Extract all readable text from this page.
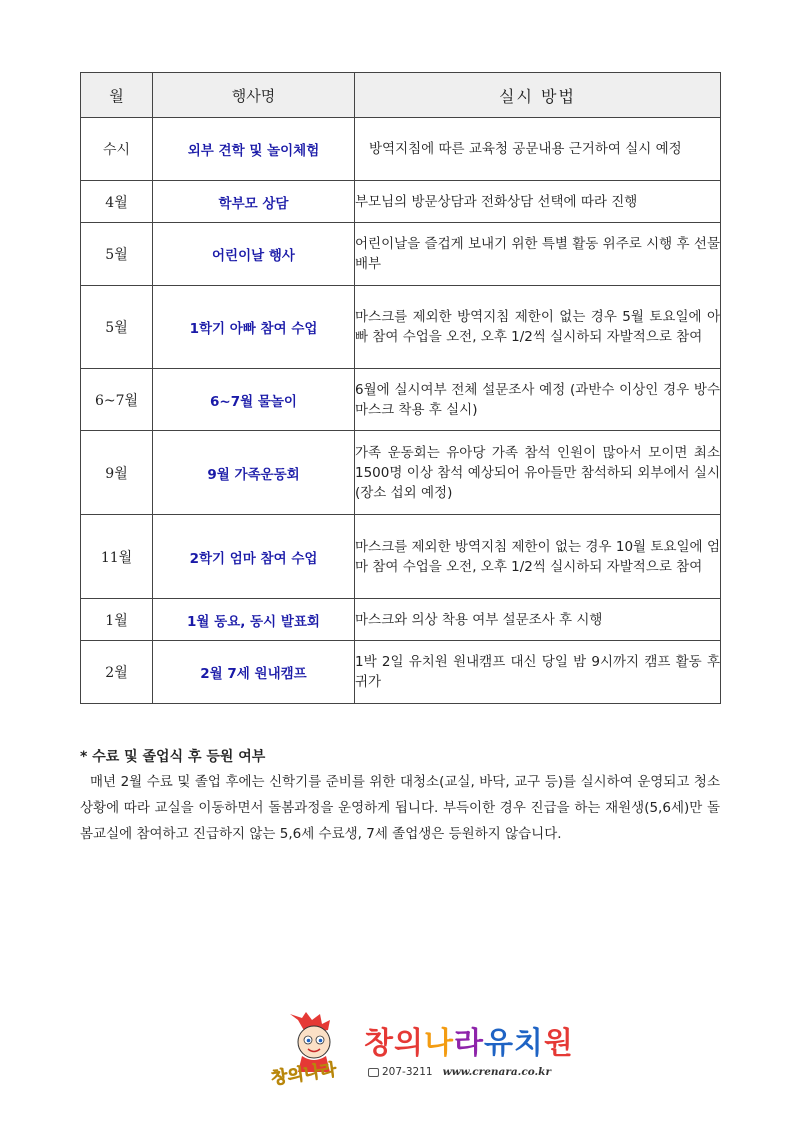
월	행사명	실시 방법
수시	외부 견학 및 놀이체험	방역지침에 따른 교육청 공문내용 근거하여 실시 예정
4월	학부모 상담	부모님의 방문상담과 전화상담 선택에 따라 진행
5월	어린이날 행사	어린이날을 즐겁게 보내기 위한 특별 활동 위주로 시행 후 선물 배부
5월	1학기 아빠 참여 수업	마스크를 제외한 방역지침 제한이 없는 경우 5월 토요일에 아빠 참여 수업을 오전, 오후 1/2씩 실시하되 자발적으로 참여
6~7월	6~7월 물놀이	6월에 실시여부 전체 설문조사 예정 (과반수 이상인 경우 방수 마스크 착용 후 실시)
9월	9월 가족운동회	가족 운동회는 유아당 가족 참석 인원이 많아서 모이면 최소 1500명 이상 참석 예상되어 유아들만 참석하되 외부에서 실시(장소 섭외 예정)
11월	2학기 엄마 참여 수업	마스크를 제외한 방역지침 제한이 없는 경우 10월 토요일에 엄마 참여 수업을 오전, 오후 1/2씩 실시하되 자발적으로 참여
1월	1월 동요, 동시 발표회	마스크와 의상 착용 여부 설문조사 후 시행
2월	2월 7세 원내캠프	1박 2일 유치원 원내캠프 대신 당일 밤 9시까지 캠프 활동 후 귀가
* 수료 및 졸업식 후 등원 여부
매년 2월 수료 및 졸업 후에는 신학기를 준비를 위한 대청소(교실, 바닥, 교구 등)를 실시하여 운영되고 청소 상황에 따라 교실을 이동하면서 돌봄과정을 운영하게 됩니다. 부득이한 경우 진급을 하는 재원생(5,6세)만 돌봄교실에 참여하고 진급하지 않는 5,6세 수료생, 7세 졸업생은 등원하지 않습니다.
창의나라
창의나라유치원
207-3211 www.crenara.co.kr
